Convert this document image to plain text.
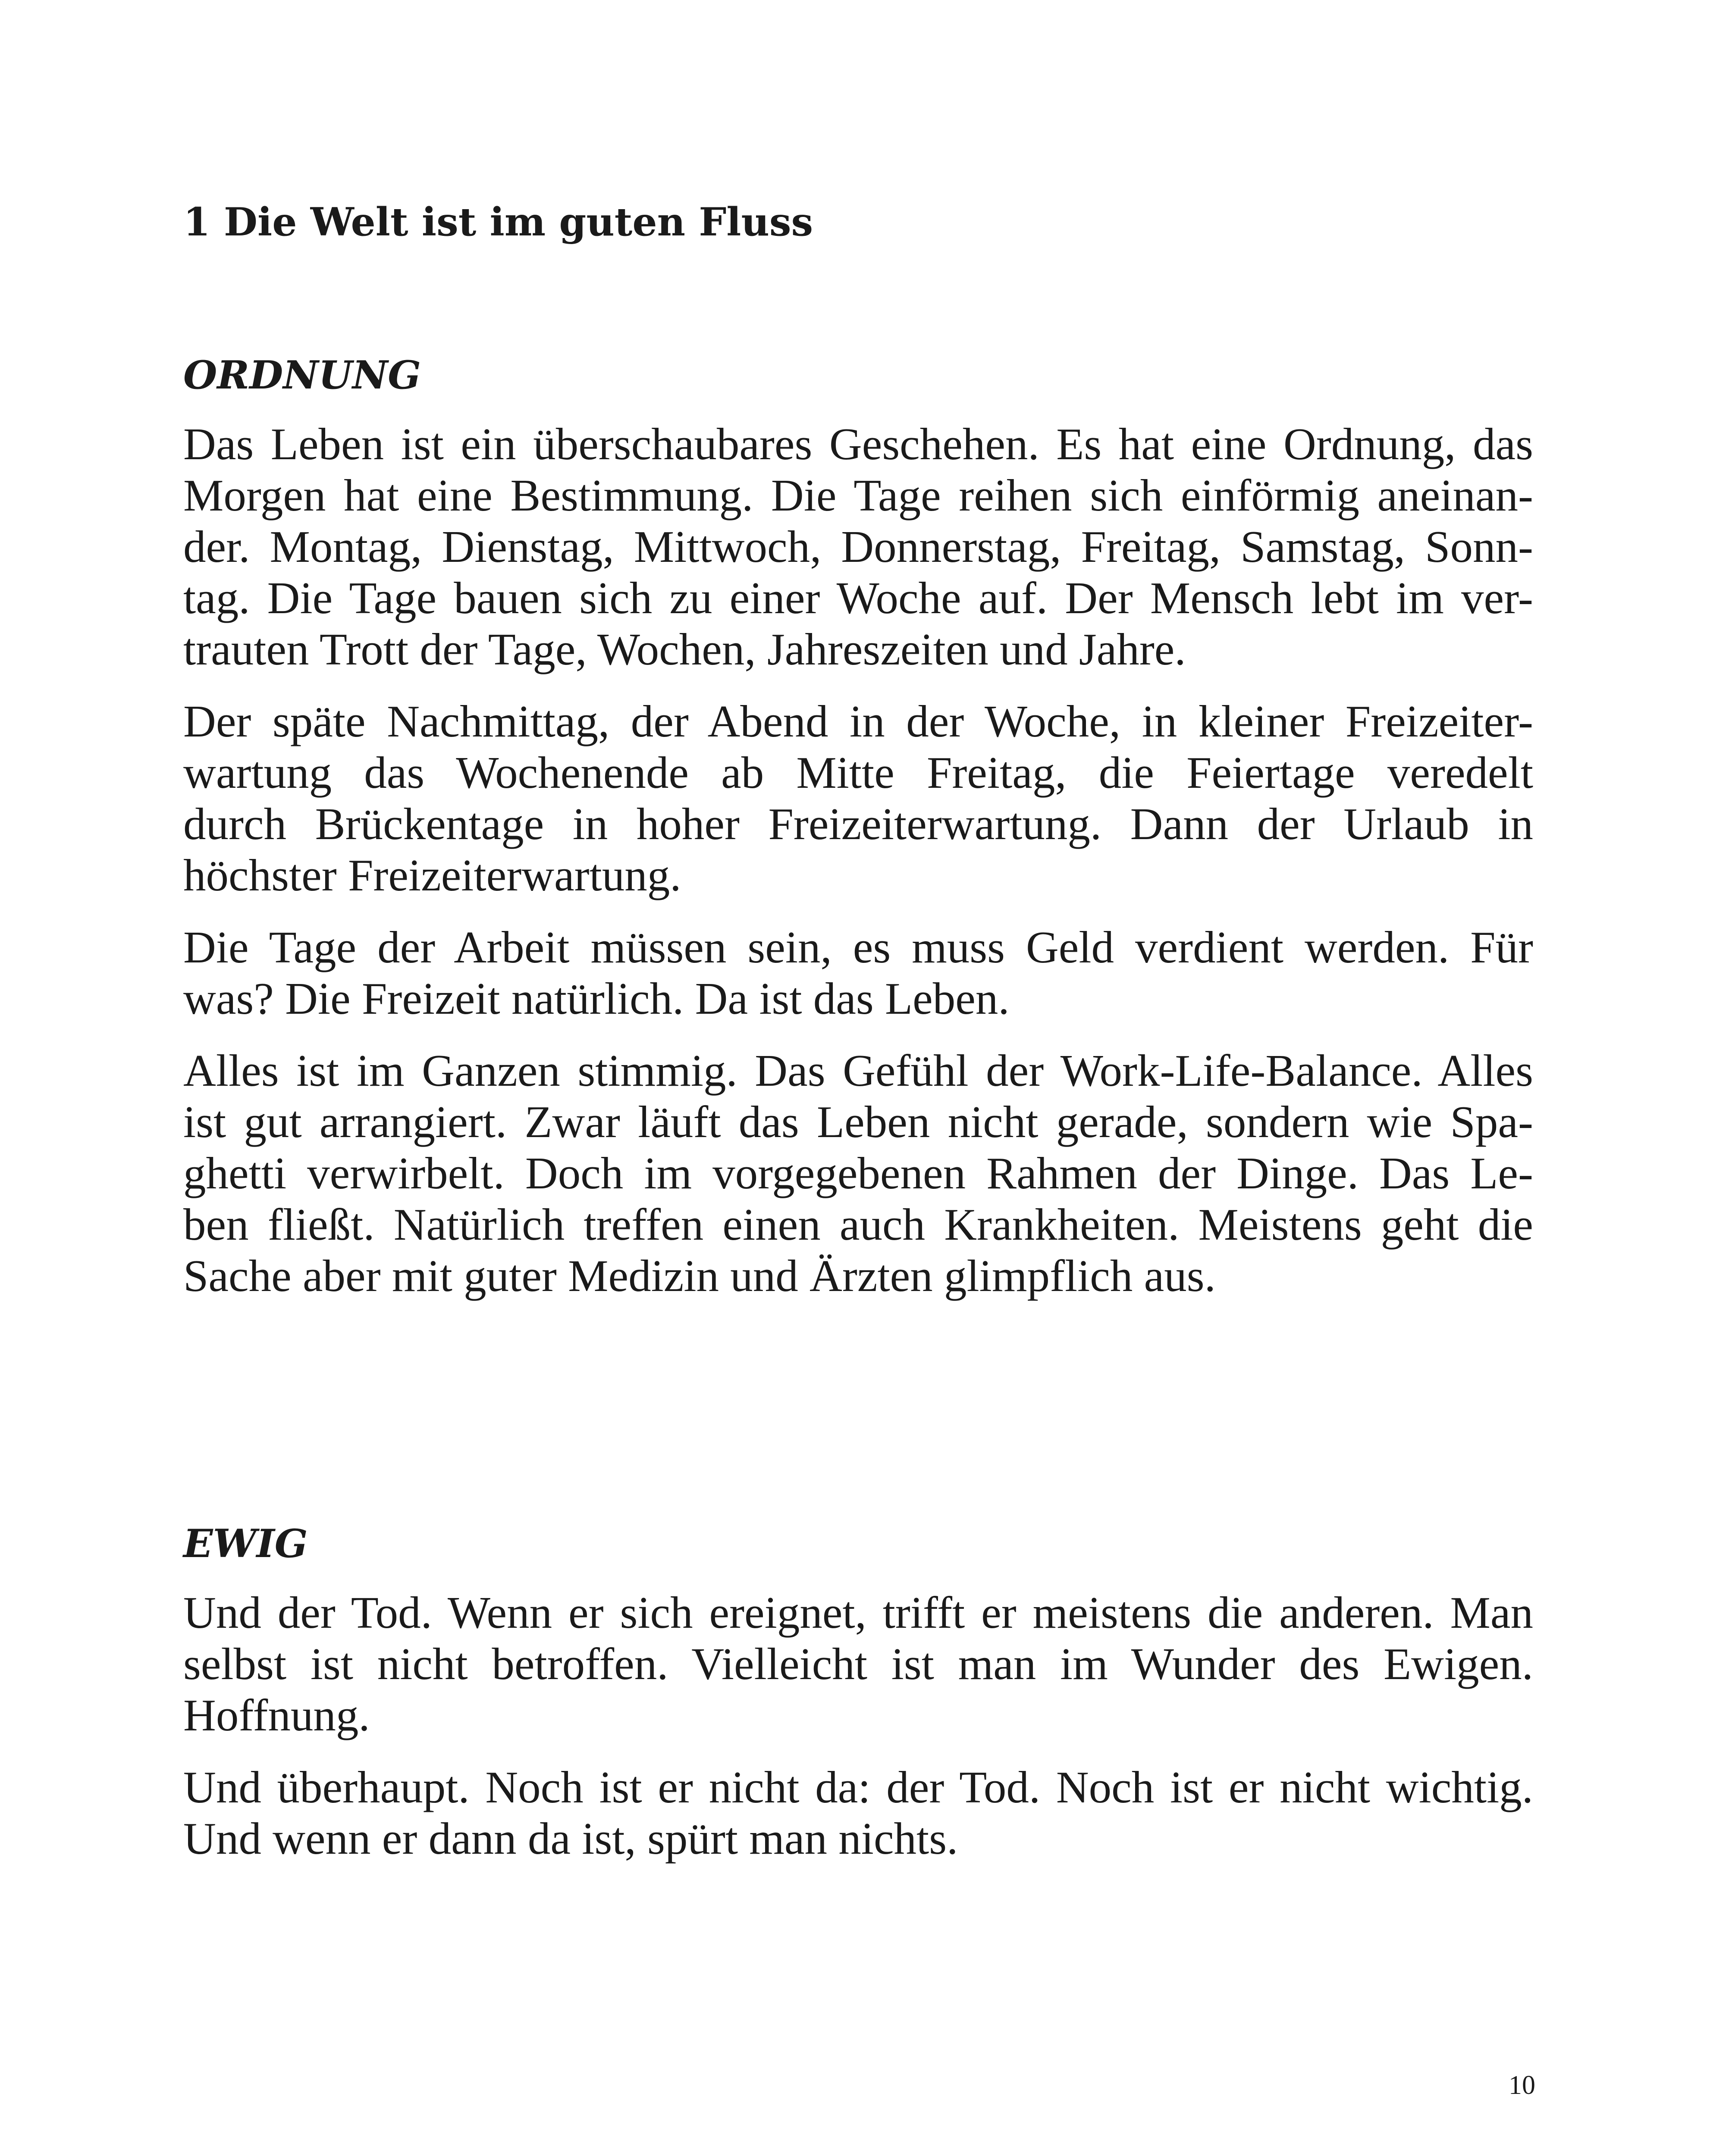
1 Die Welt ist im guten Fluss
ORDNUNG

Das Leben ist ein überschaubares Geschehen. Es hat eine Ordnung, das
Morgen hat eine Bestimmung. Die Tage reihen sich einförmig aneinan-
der. Montag, Dienstag, Mittwoch, Donnerstag, Freitag, Samstag, Sonn-
tag. Die Tage bauen sich zu einer Woche auf. Der Mensch lebt im ver-
trauten Trott der Tage, Wochen, Jahreszeiten und Jahre.

Der späte Nachmittag, der Abend in der Woche, in kleiner Freizeiter-
wartung das Wochenende ab Mitte Freitag, die Feiertage veredelt
durch Brückentage in hoher Freizeiterwartung. Dann der Urlaub in
höchster Freizeiterwartung.

Die Tage der Arbeit müssen sein, es muss Geld verdient werden. Für
was? Die Freizeit natürlich. Da ist das Leben.

Alles ist im Ganzen stimmig. Das Gefühl der Work-Life-Balance. Alles
ist gut arrangiert. Zwar läuft das Leben nicht gerade, sondern wie Spa-
ghetti verwirbelt. Doch im vorgegebenen Rahmen der Dinge. Das Le-
ben fließt. Natürlich treffen einen auch Krankheiten. Meistens geht die
Sache aber mit guter Medizin und Ärzten glimpflich aus.

EWIG

Und der Tod. Wenn er sich ereignet, trifft er meistens die anderen. Man
selbst ist nicht betroffen. Vielleicht ist man im Wunder des Ewigen.
Hoffnung.

Und überhaupt. Noch ist er nicht da: der Tod. Noch ist er nicht wichtig.
Und wenn er dann da ist, spürt man nichts.

10
